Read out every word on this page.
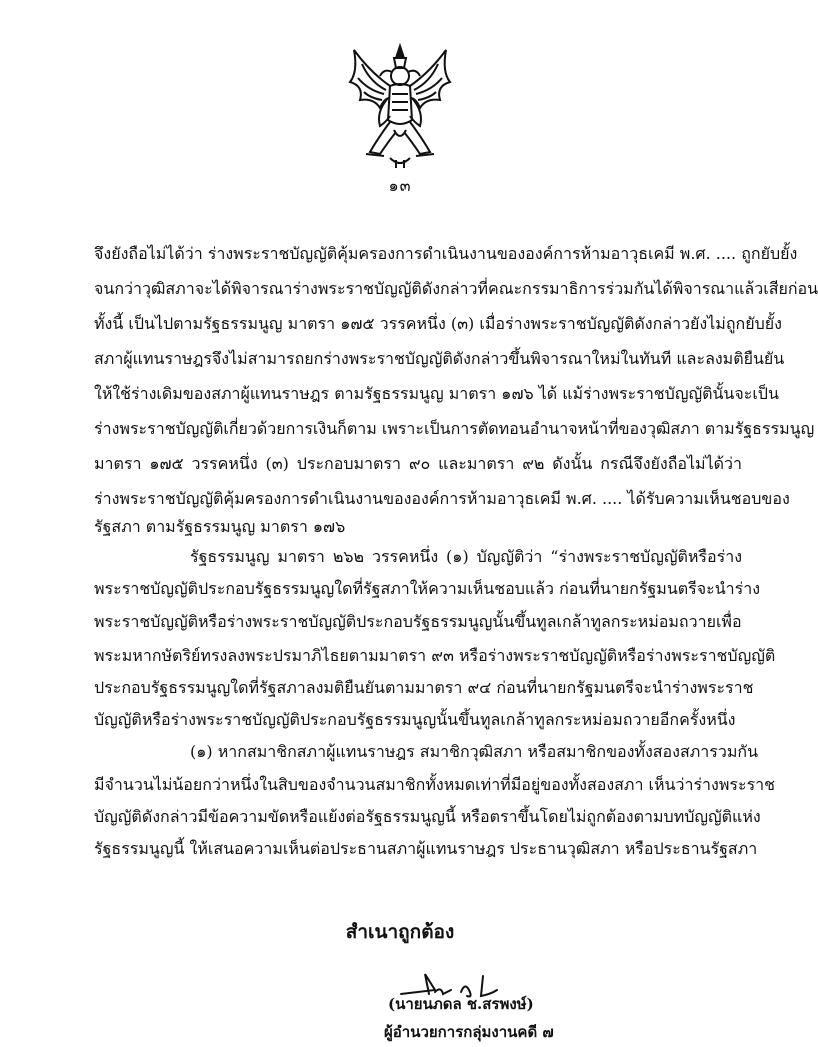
๑๓
จึงยังถือไม่ได้ว่า ร่างพระราชบัญญัติคุ้มครองการดำเนินงานขององค์การห้ามอาวุธเคมี พ.ศ. .... ถูกยับยั้ง
จนกว่าวุฒิสภาจะได้พิจารณาร่างพระราชบัญญัติดังกล่าวที่คณะกรรมาธิการร่วมกันได้พิจารณาแล้วเสียก่อน
ทั้งนี้ เป็นไปตามรัฐธรรมนูญ มาตรา ๑๗๕ วรรคหนึ่ง (๓) เมื่อร่างพระราชบัญญัติดังกล่าวยังไม่ถูกยับยั้ง
สภาผู้แทนราษฎรจึงไม่สามารถยกร่างพระราชบัญญัติดังกล่าวขึ้นพิจารณาใหม่ในทันที และลงมติยืนยัน
ให้ใช้ร่างเดิมของสภาผู้แทนราษฎร ตามรัฐธรรมนูญ มาตรา ๑๗๖ ได้ แม้ร่างพระราชบัญญัตินั้นจะเป็น
ร่างพระราชบัญญัติเกี่ยวด้วยการเงินก็ตาม เพราะเป็นการตัดทอนอำนาจหน้าที่ของวุฒิสภา ตามรัฐธรรมนูญ
มาตรา ๑๗๕ วรรคหนึ่ง (๓) ประกอบมาตรา ๙๐ และมาตรา ๙๒ ดังนั้น กรณีจึงยังถือไม่ได้ว่า
ร่างพระราชบัญญัติคุ้มครองการดำเนินงานขององค์การห้ามอาวุธเคมี พ.ศ. .... ได้รับความเห็นชอบของ
รัฐสภา ตามรัฐธรรมนูญ มาตรา ๑๗๖
รัฐธรรมนูญ มาตรา ๒๖๒ วรรคหนึ่ง (๑) บัญญัติว่า “ร่างพระราชบัญญัติหรือร่าง
พระราชบัญญัติประกอบรัฐธรรมนูญใดที่รัฐสภาให้ความเห็นชอบแล้ว ก่อนที่นายกรัฐมนตรีจะนำร่าง
พระราชบัญญัติหรือร่างพระราชบัญญัติประกอบรัฐธรรมนูญนั้นขึ้นทูลเกล้าทูลกระหม่อมถวายเพื่อ
พระมหากษัตริย์ทรงลงพระปรมาภิไธยตามมาตรา ๙๓ หรือร่างพระราชบัญญัติหรือร่างพระราชบัญญัติ
ประกอบรัฐธรรมนูญใดที่รัฐสภาลงมติยืนยันตามมาตรา ๙๔ ก่อนที่นายกรัฐมนตรีจะนำร่างพระราช
บัญญัติหรือร่างพระราชบัญญัติประกอบรัฐธรรมนูญนั้นขึ้นทูลเกล้าทูลกระหม่อมถวายอีกครั้งหนึ่ง
(๑) หากสมาชิกสภาผู้แทนราษฎร สมาชิกวุฒิสภา หรือสมาชิกของทั้งสองสภารวมกัน
มีจำนวนไม่น้อยกว่าหนึ่งในสิบของจำนวนสมาชิกทั้งหมดเท่าที่มีอยู่ของทั้งสองสภา เห็นว่าร่างพระราช
บัญญัติดังกล่าวมีข้อความขัดหรือแย้งต่อรัฐธรรมนูญนี้ หรือตราขึ้นโดยไม่ถูกต้องตามบทบัญญัติแห่ง
รัฐธรรมนูญนี้ ให้เสนอความเห็นต่อประธานสภาผู้แทนราษฎร ประธานวุฒิสภา หรือประธานรัฐสภา
สำเนาถูกต้อง
(นายนภดล ช.สรพงษ์)
ผู้อำนวยการกลุ่มงานคดี ๗
